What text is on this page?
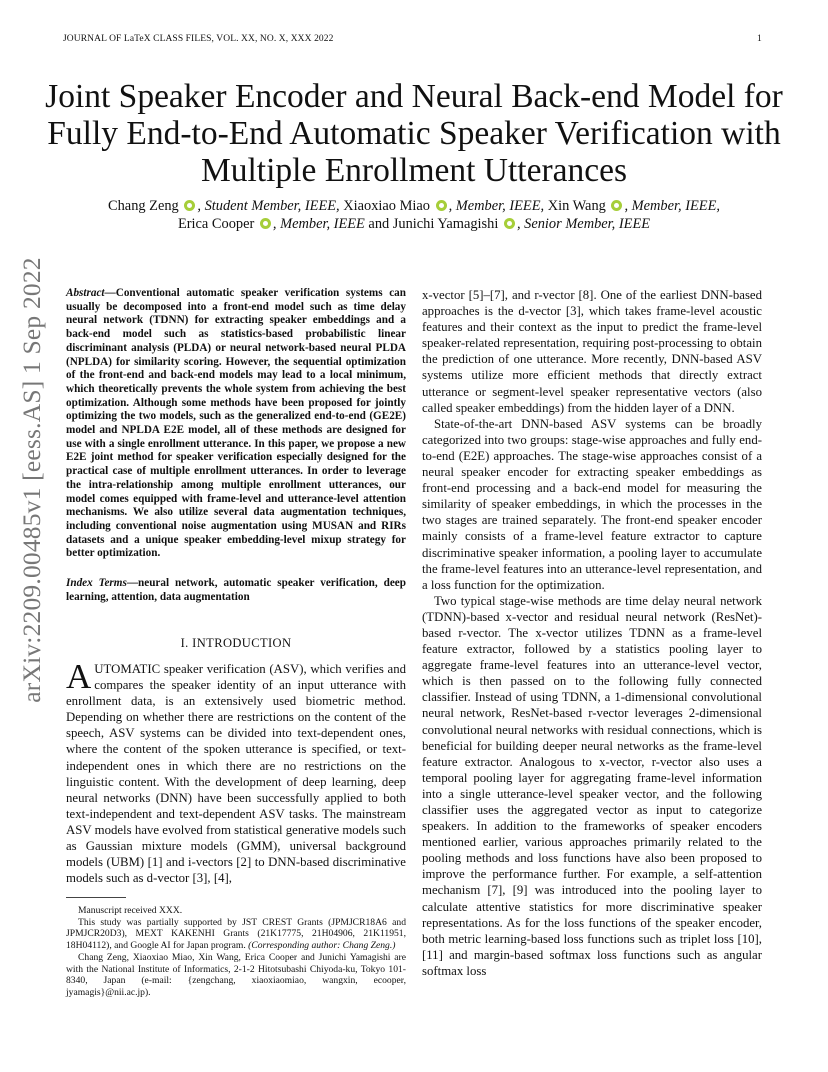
JOURNAL OF LaTeX CLASS FILES, VOL. XX, NO. X, XXX 2022	1
Joint Speaker Encoder and Neural Back-end Model for Fully End-to-End Automatic Speaker Verification with Multiple Enrollment Utterances
Chang Zeng , Student Member, IEEE, Xiaoxiao Miao , Member, IEEE, Xin Wang , Member, IEEE,
Erica Cooper , Member, IEEE and Junichi Yamagishi , Senior Member, IEEE
arXiv:2209.00485v1 [eess.AS] 1 Sep 2022 Abstract—Conventional automatic speaker verification systems can usually be decomposed into a front-end model such as time delay neural network (TDNN) for extracting speaker embeddings and a back-end model such as statistics-based probabilistic linear discriminant analysis (PLDA) or neural network-based neural PLDA (NPLDA) for similarity scoring. However, the sequential optimization of the front-end and back-end models may lead to a local minimum, which theoretically prevents the whole system from achieving the best optimization. Although some methods have been proposed for jointly optimizing the two models, such as the generalized end-to-end (GE2E) model and NPLDA E2E model, all of these methods are designed for use with a single enrollment utterance. In this paper, we propose a new E2E joint method for speaker verification especially designed for the practical case of multiple enrollment utterances. In order to leverage the intra-relationship among multiple enrollment utterances, our model comes equipped with frame-level and utterance-level attention mechanisms. We also utilize several data augmentation techniques, including conventional noise augmentation using MUSAN and RIRs datasets and a unique speaker embedding-level mixup strategy for better optimization.

Index Terms—neural network, automatic speaker verification, deep learning, attention, data augmentation

I. INTRODUCTION

AUTOMATIC speaker verification (ASV), which verifies and compares the speaker identity of an input utterance with enrollment data, is an extensively used biometric method. Depending on whether there are restrictions on the content of the speech, ASV systems can be divided into text-dependent ones, where the content of the spoken utterance is specified, or text-independent ones in which there are no restrictions on the linguistic content. With the development of deep learning, deep neural networks (DNN) have been successfully applied to both text-independent and text-dependent ASV tasks. The mainstream ASV models have evolved from statistical generative models such as Gaussian mixture models (GMM), universal background models (UBM) [1] and i-vectors [2] to DNN-based discriminative models such as d-vector [3], [4],

Manuscript received XXX.

This study was partially supported by JST CREST Grants (JPMJCR18A6 and JPMJCR20D3), MEXT KAKENHI Grants (21K17775, 21H04906, 21K11951, 18H04112), and Google AI for Japan program. (Corresponding author: Chang Zeng.)

Chang Zeng, Xiaoxiao Miao, Xin Wang, Erica Cooper and Junichi Yamagishi are with the National Institute of Informatics, 2-1-2 Hitotsubashi Chiyoda-ku, Tokyo 101-8340, Japan (e-mail: {zengchang, xiaoxiaomiao, wangxin, ecooper, jyamagis}@nii.ac.jp).

x-vector [5]–[7], and r-vector [8]. One of the earliest DNN-based approaches is the d-vector [3], which takes frame-level acoustic features and their context as the input to predict the frame-level speaker-related representation, requiring post-processing to obtain the prediction of one utterance. More recently, DNN-based ASV systems utilize more efficient methods that directly extract utterance or segment-level speaker representative vectors (also called speaker embeddings) from the hidden layer of a DNN.

State-of-the-art DNN-based ASV systems can be broadly categorized into two groups: stage-wise approaches and fully end-to-end (E2E) approaches. The stage-wise approaches consist of a neural speaker encoder for extracting speaker embeddings as front-end processing and a back-end model for measuring the similarity of speaker embeddings, in which the processes in the two stages are trained separately. The front-end speaker encoder mainly consists of a frame-level feature extractor to capture discriminative speaker information, a pooling layer to accumulate the frame-level features into an utterance-level representation, and a loss function for the optimization.

Two typical stage-wise methods are time delay neural network (TDNN)-based x-vector and residual neural network (ResNet)-based r-vector. The x-vector utilizes TDNN as a frame-level feature extractor, followed by a statistics pooling layer to aggregate frame-level features into an utterance-level vector, which is then passed on to the following fully connected classifier. Instead of using TDNN, a 1-dimensional convolutional neural network, ResNet-based r-vector leverages 2-dimensional convolutional neural networks with residual connections, which is beneficial for building deeper neural networks as the frame-level feature extractor. Analogous to x-vector, r-vector also uses a temporal pooling layer for aggregating frame-level information into a single utterance-level speaker vector, and the following classifier uses the aggregated vector as input to categorize speakers. In addition to the frameworks of speaker encoders mentioned earlier, various approaches primarily related to the pooling methods and loss functions have also been proposed to improve the performance further. For example, a self-attention mechanism [7], [9] was introduced into the pooling layer to calculate attentive statistics for more discriminative speaker representations. As for the loss functions of the speaker encoder, both metric learning-based loss functions such as triplet loss [10], [11] and margin-based softmax loss functions such as angular softmax loss
